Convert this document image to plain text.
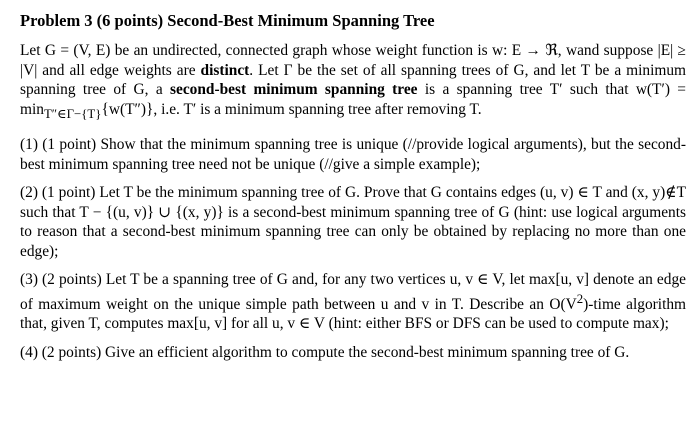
Problem 3 (6 points) Second-Best Minimum Spanning Tree
Let G = (V, E) be an undirected, connected graph whose weight function is w: E → ℜ, wand suppose |E| ≥ |V| and all edge weights are distinct. Let Γ be the set of all spanning trees of G, and let T be a minimum spanning tree of G, a second-best minimum spanning tree is a spanning tree T′ such that $w(T') = \min_{T''\in\Gamma-\{T\}}\{w(T'')\}$, i.e. T′ is a minimum spanning tree after removing T.
(1) (1 point) Show that the minimum spanning tree is unique (//provide logical arguments), but the second-best minimum spanning tree need not be unique (//give a simple example);
(2) (1 point) Let T be the minimum spanning tree of G. Prove that G contains edges (u, v) ∈ T and (x, y)∉T such that T − {(u, v)} ∪ {(x, y)} is a second-best minimum spanning tree of G (hint: use logical arguments to reason that a second-best minimum spanning tree can only be obtained by replacing no more than one edge);
(3) (2 points) Let T be a spanning tree of G and, for any two vertices u, v ∈ V, let max[u, v] denote an edge of maximum weight on the unique simple path between u and v in T. Describe an $O(V^2)$-time algorithm that, given T, computes max[u, v] for all u, v ∈ V (hint: either BFS or DFS can be used to compute max);
(4) (2 points) Give an efficient algorithm to compute the second-best minimum spanning tree of G.
